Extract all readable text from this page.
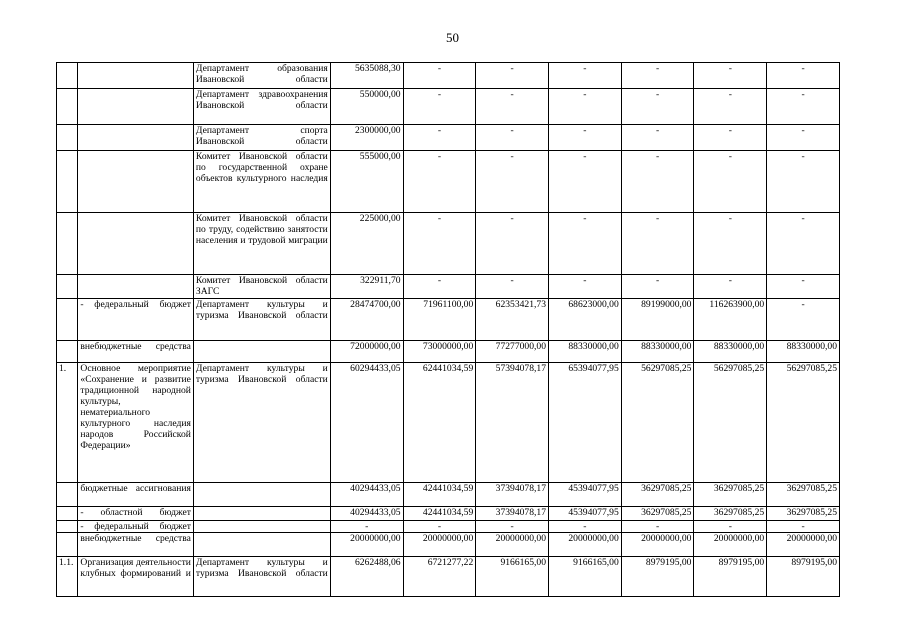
50
		Департамент образования Ивановской области	5635088,30	-	-	-	-	-	-
		Департамент здравоохранения Ивановской области	550000,00	-	-	-	-	-	-
		Департамент спорта Ивановской области	2300000,00	-	-	-	-	-	-
		Комитет Ивановской области по государственной охране объектов культурного наследия	555000,00	-	-	-	-	-	-
		Комитет Ивановской области по труду, содействию занятости населения и трудовой миграции	225000,00	-	-	-	-	-	-
		Комитет Ивановской области ЗАГС	322911,70	-	-	-	-	-	-
	- федеральный бюджет	Департамент культуры и туризма Ивановской области	28474700,00	71961100,00	62353421,73	68623000,00	89199000,00	116263900,00	-
	внебюджетные средства		72000000,00	73000000,00	77277000,00	88330000,00	88330000,00	88330000,00	88330000,00
1.	Основное мероприятие «Сохранение и развитие традиционной народной культуры, нематериального культурного наследия народов Российской Федерации»	Департамент культуры и туризма Ивановской области	60294433,05	62441034,59	57394078,17	65394077,95	56297085,25	56297085,25	56297085,25
	бюджетные ассигнования		40294433,05	42441034,59	37394078,17	45394077,95	36297085,25	36297085,25	36297085,25
	- областной бюджет		40294433,05	42441034,59	37394078,17	45394077,95	36297085,25	36297085,25	36297085,25
	- федеральный бюджет		-	-	-	-	-	-	-
	внебюджетные средства		20000000,00	20000000,00	20000000,00	20000000,00	20000000,00	20000000,00	20000000,00
1.1.	Организация деятельности клубных формирований и	Департамент культуры и туризма Ивановской области	6262488,06	6721277,22	9166165,00	9166165,00	8979195,00	8979195,00	8979195,00
